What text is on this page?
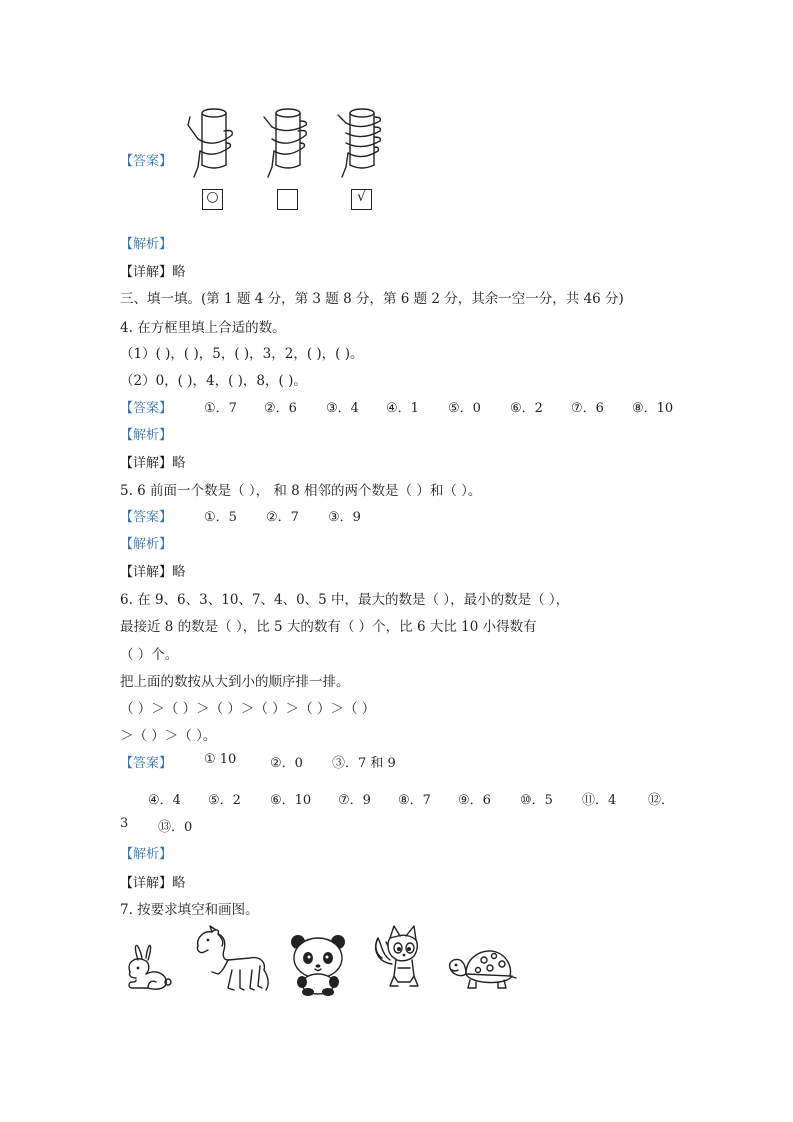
【答案】
○	√
【解析】
【详解】略
三、填一填。(第 1 题 4 分，第 3 题 8 分，第 6 题 2 分，其余一空一分，共 46 分)
4. 在方框里填上合适的数。
（1）( )，( )，5，( )，3，2，( )，( )。
（2）0，( )，4，( )，8，( )。
【答案】 ①．7 ②．6 ③．4 ④．1 ⑤．0 ⑥．2 ⑦．6 ⑧．10
【解析】
【详解】略
5. 6 前面一个数是（ ）， 和 8 相邻的两个数是（ ）和（ ）。
【答案】 ①．5 ②．7 ③．9
【解析】
【详解】略
6. 在 9、6、3、10、7、4、0、5 中，最大的数是（ ），最小的数是（ ），
最接近 8 的数是（ ），比 5 大的数有（ ）个，比 6 大比 10 小得数有
（ ）个。
把上面的数按从大到小的顺序排一排。
（ ）＞（ ）＞（ ）＞（ ）＞（ ）＞（ ）
＞（ ）＞（ ）。
【答案】 ① 10	②．0 ③．7 和 9
④．4 ⑤．2 ⑥．10 ⑦．9 ⑧．7 ⑨．6 ⑩．5 ⑪．4 ⑫．
3 ⑬．0
【解析】
【详解】略
7. 按要求填空和画图。
